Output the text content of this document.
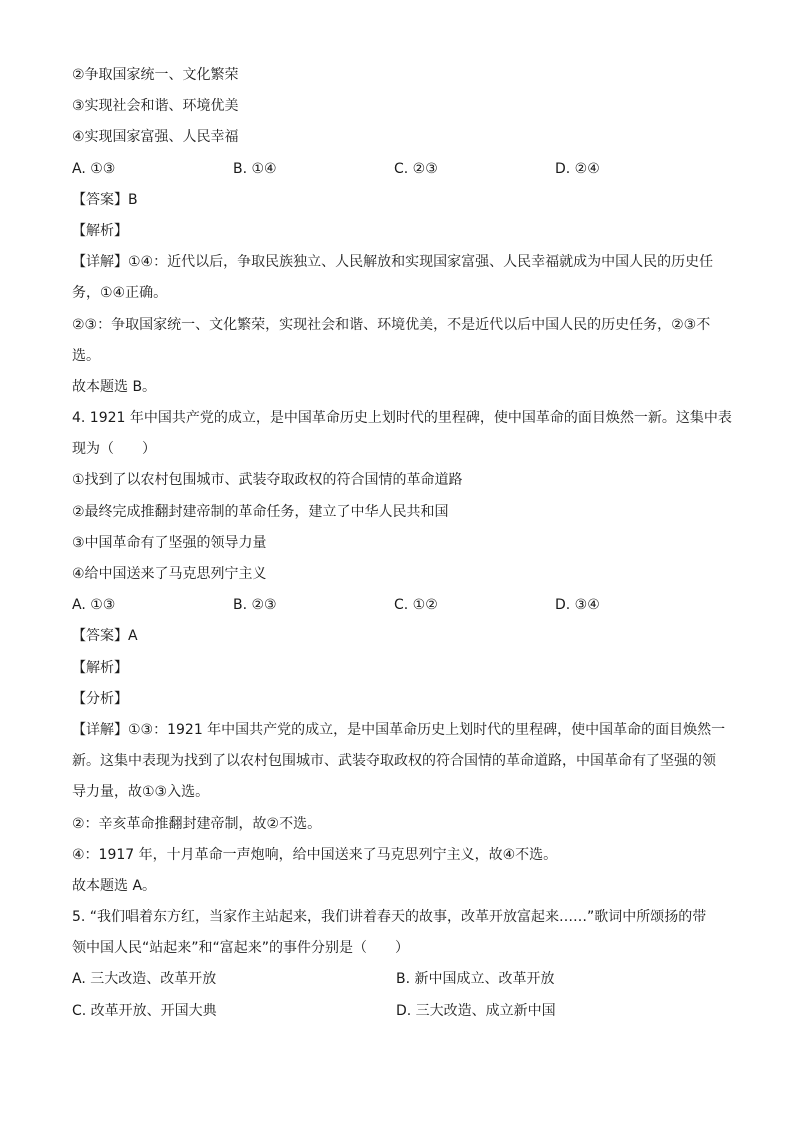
②争取国家统一、文化繁荣
③实现社会和谐、环境优美
④实现国家富强、人民幸福
A. ①③	B. ①④	C. ②③	D. ②④
【答案】B
【解析】
【详解】①④：近代以后，争取民族独立、人民解放和实现国家富强、人民幸福就成为中国人民的历史任
务，①④正确。
②③：争取国家统一、文化繁荣，实现社会和谐、环境优美，不是近代以后中国人民的历史任务，②③不
选。
故本题选 B。
4. 1921 年中国共产党的成立，是中国革命历史上划时代的里程碑，使中国革命的面目焕然一新。这集中表
现为（　　）
①找到了以农村包围城市、武装夺取政权的符合国情的革命道路
②最终完成推翻封建帝制的革命任务，建立了中华人民共和国
③中国革命有了坚强的领导力量
④给中国送来了马克思列宁主义
A. ①③	B. ②③	C. ①②	D. ③④
【答案】A
【解析】
【分析】
【详解】①③：1921 年中国共产党的成立，是中国革命历史上划时代的里程碑，使中国革命的面目焕然一
新。这集中表现为找到了以农村包围城市、武装夺取政权的符合国情的革命道路，中国革命有了坚强的领
导力量，故①③入选。
②：辛亥革命推翻封建帝制，故②不选。
④：1917 年，十月革命一声炮响，给中国送来了马克思列宁主义，故④不选。
故本题选 A。
5. “我们唱着东方红，当家作主站起来，我们讲着春天的故事，改革开放富起来……”歌词中所颂扬的带
领中国人民“站起来”和“富起来”的事件分别是（　　）
A. 三大改造、改革开放	B. 新中国成立、改革开放
C. 改革开放、开国大典	D. 三大改造、成立新中国
